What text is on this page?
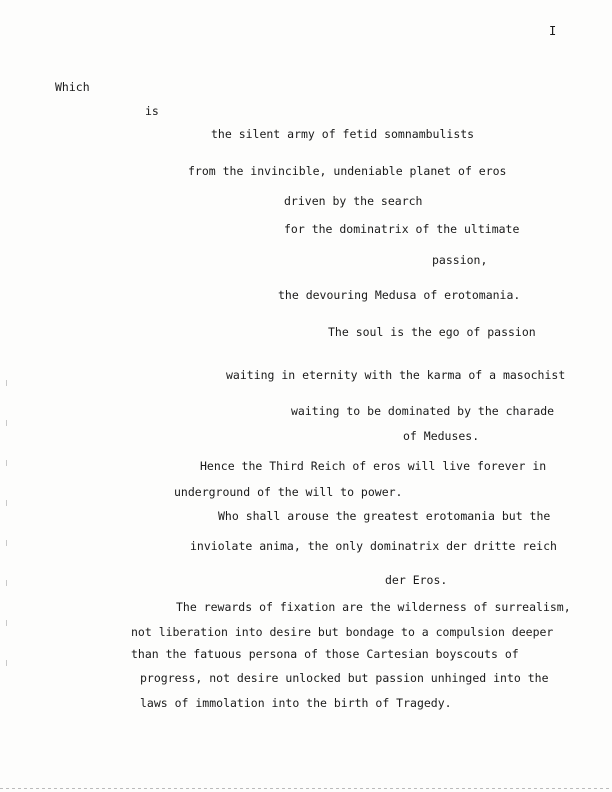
I
Which
is
the silent army of fetid somnambulists
from the invincible, undeniable planet of eros
driven by the search
for the dominatrix of the ultimate
passion,
the devouring Medusa of erotomania.
The soul is the ego of passion
waiting in eternity with the karma of a masochist
waiting to be dominated by the charade
of Meduses.
Hence the Third Reich of eros will live forever in
underground of the will to power.
Who shall arouse the greatest erotomania but the
inviolate anima, the only dominatrix der dritte reich
der Eros.
The rewards of fixation are the wilderness of surrealism,
not liberation into desire but bondage to a compulsion deeper
than the fatuous persona of those Cartesian boyscouts of
progress, not desire unlocked but passion unhinged into the
laws of immolation into the birth of Tragedy.
